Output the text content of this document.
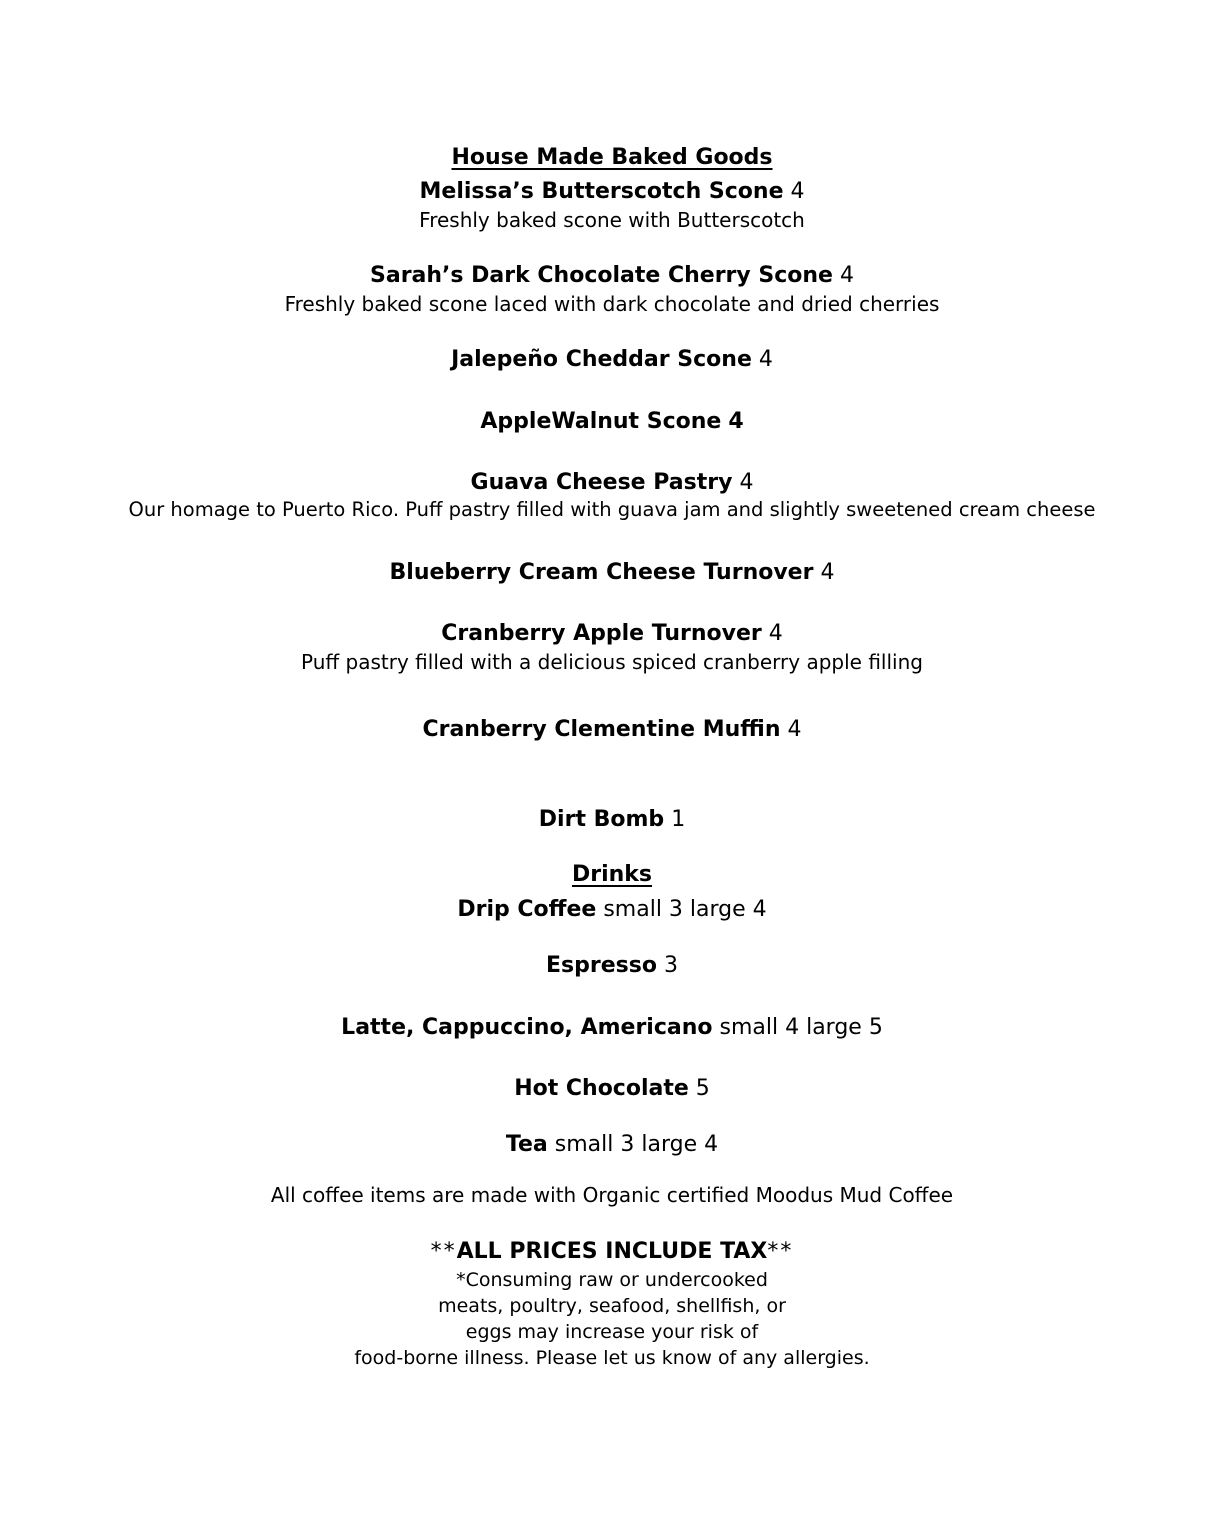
House Made Baked Goods
Melissa’s Butterscotch Scone 4
Freshly baked scone with Butterscotch
Sarah’s Dark Chocolate Cherry Scone 4
Freshly baked scone laced with dark chocolate and dried cherries
Jalepeño Cheddar Scone 4
AppleWalnut Scone 4
Guava Cheese Pastry 4
Our homage to Puerto Rico. Puff pastry filled with guava jam and slightly sweetened cream cheese
Blueberry Cream Cheese Turnover 4
Cranberry Apple Turnover 4
Puff pastry filled with a delicious spiced cranberry apple filling
Cranberry Clementine Muffin 4
Dirt Bomb 1
Drinks
Drip Coffee small 3 large 4
Espresso 3
Latte, Cappuccino, Americano small 4 large 5
Hot Chocolate 5
Tea small 3 large 4
All coffee items are made with Organic certified Moodus Mud Coffee
**ALL PRICES INCLUDE TAX**
*Consuming raw or undercooked
meats, poultry, seafood, shellfish, or
eggs may increase your risk of
food-borne illness. Please let us know of any allergies.
